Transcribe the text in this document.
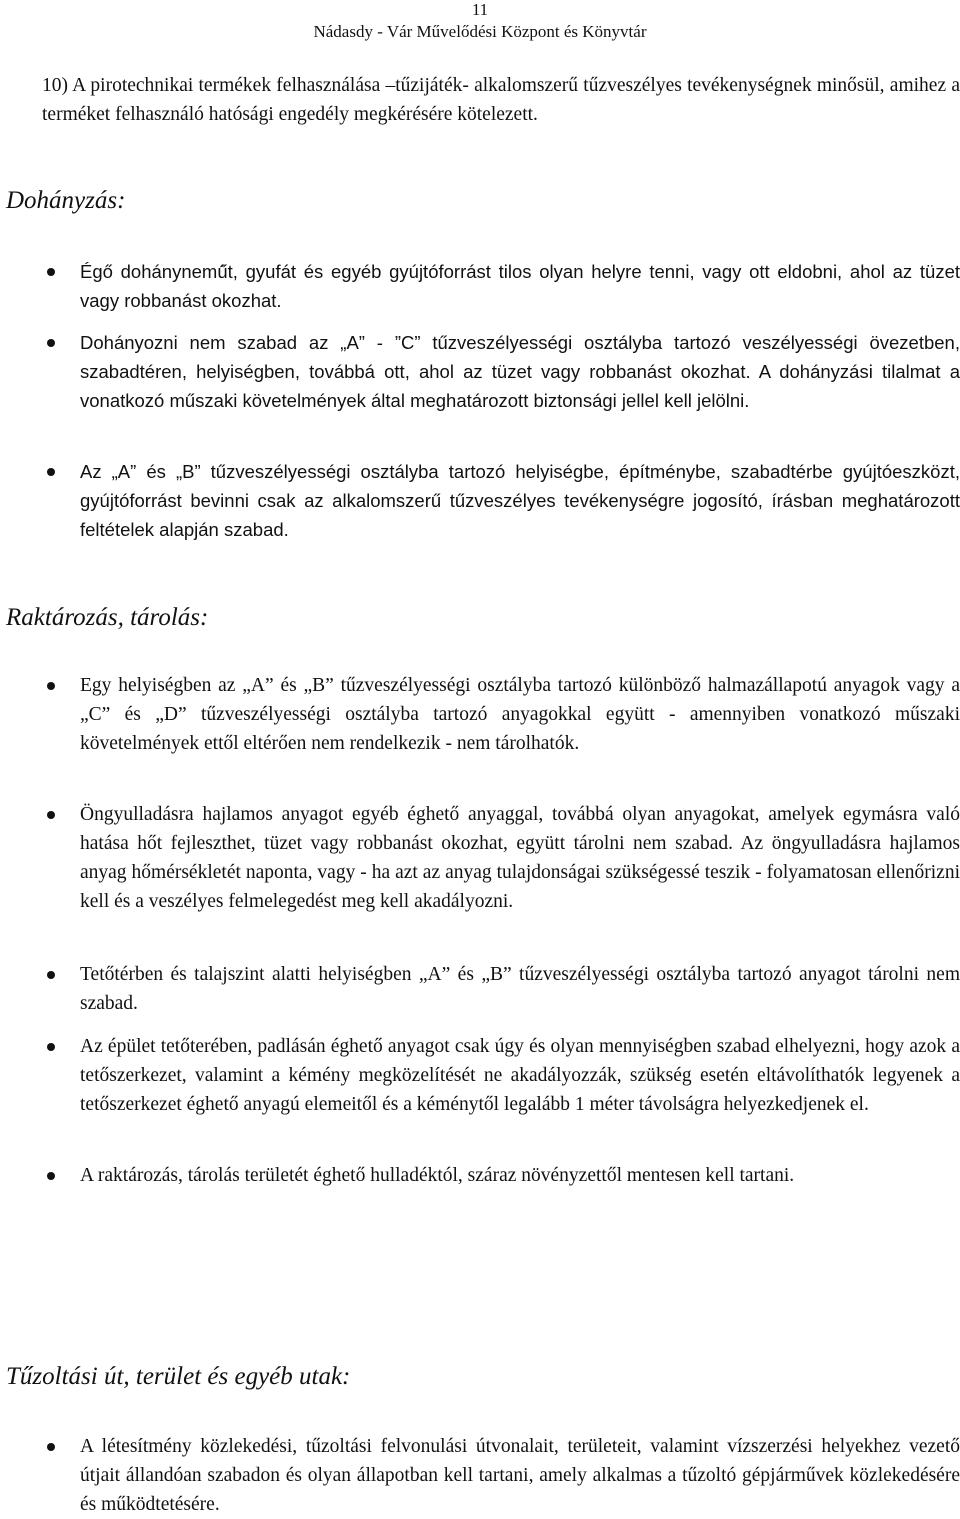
11
Nádasdy - Vár Művelődési Központ és Könyvtár
10) A pirotechnikai termékek felhasználása –tűzijáték- alkalomszerű tűzveszélyes tevékenységnek minősül, amihez a terméket felhasználó hatósági engedély megkérésére kötelezett.
Dohányzás:
Égő dohánynemű́t, gyufát és egyéb gyújtóforrást tilos olyan helyre tenni, vagy ott eldobni, ahol az tüzet vagy robbanást okozhat.
Dohányozni nem szabad az „A” - ”C” tűzveszélyességi osztályba tartozó veszélyességi övezetben, szabadtéren, helyiségben, továbbá ott, ahol az tüzet vagy robbanást okozhat. A dohányzási tilalmat a vonatkozó műszaki követelmények által meghatározott biztonsági jellel kell jelölni.
Az „A” és „B” tűzveszélyességi osztályba tartozó helyiségbe, építménybe, szabadtérbe gyújtóeszközt, gyújtóforrást bevinni csak az alkalomszerű tűzveszélyes tevékenységre jogosító, írásban meghatározott feltételek alapján szabad.
Raktározás, tárolás:
Egy helyiségben az „A” és „B” tűzveszélyességi osztályba tartozó különböző halmazállapotú anyagok vagy a „C” és „D” tűzveszélyességi osztályba tartozó anyagokkal együtt - amennyiben vonatkozó műszaki követelmények ettől eltérően nem rendelkezik - nem tárolhatók.
Öngyulladásra hajlamos anyagot egyéb éghető anyaggal, továbbá olyan anyagokat, amelyek egymásra való hatása hőt fejleszthet, tüzet vagy robbanást okozhat, együtt tárolni nem szabad. Az öngyulladásra hajlamos anyag hőmérsékletét naponta, vagy - ha azt az anyag tulajdonságai szükségessé teszik - folyamatosan ellenőrizni kell és a veszélyes felmelegedést meg kell akadályozni.
Tetőtérben és talajszint alatti helyiségben „A” és „B” tűzveszélyességi osztályba tartozó anyagot tárolni nem szabad.
Az épület tetőterében, padlásán éghető anyagot csak úgy és olyan mennyiségben szabad elhelyezni, hogy azok a tetőszerkezet, valamint a kémény megközelítését ne akadályozzák, szükség esetén eltávolíthatók legyenek a tetőszerkezet éghető anyagú elemeitől és a kéménytől legalább 1 méter távolságra helyezkedjenek el.
A raktározás, tárolás területét éghető hulladéktól, száraz növényzettől mentesen kell tartani.
Tűzoltási út, terület és egyéb utak:
A létesítmény közlekedési, tűzoltási felvonulási útvonalait, területeit, valamint vízszerzési helyekhez vezető útjait állandóan szabadon és olyan állapotban kell tartani, amely alkalmas a tűzoltó gépjárművek közlekedésére és működtetésére.
